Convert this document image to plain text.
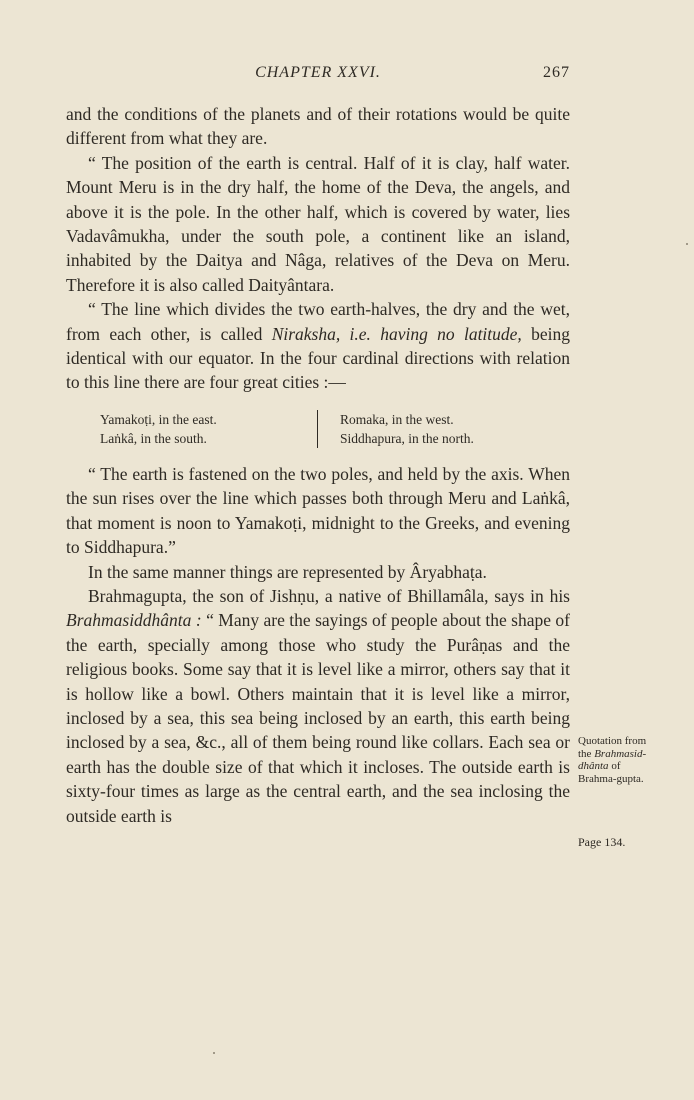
CHAPTER XXVI.	267

and the conditions of the planets and of their rotations would be quite different from what they are.

“ The position of the earth is central. Half of it is clay, half water. Mount Meru is in the dry half, the home of the Deva, the angels, and above it is the pole. In the other half, which is covered by water, lies Vadavâmukha, under the south pole, a continent like an island, inhabited by the Daitya and Nâga, relatives of the Deva on Meru. Therefore it is also called Daityântara.

“ The line which divides the two earth-halves, the dry and the wet, from each other, is called Niraksha, i.e. having no latitude, being identical with our equator. In the four cardinal directions with relation to this line there are four great cities :—

Yamakoṭi, in the east.
Laṅkâ, in the south.
Romaka, in the west.
Siddhapura, in the north.

“ The earth is fastened on the two poles, and held by the axis. When the sun rises over the line which passes both through Meru and Laṅkâ, that moment is noon to Yamakoṭi, midnight to the Greeks, and evening to Siddhapura.”

In the same manner things are represented by Âryabhaṭa.

Brahmagupta, the son of Jishṇu, a native of Bhillamâla, says in his Brahmasiddhânta : “ Many are the sayings of people about the shape of the earth, specially among those who study the Purâṇas and the religious books. Some say that it is level like a mirror, others say that it is hollow like a bowl. Others maintain that it is level like a mirror, inclosed by a sea, this sea being inclosed by an earth, this earth being inclosed by a sea, &c., all of them being round like collars. Each sea or earth has the double size of that which it incloses. The outside earth is sixty-four times as large as the central earth, and the sea inclosing the outside earth is

Quotation from the Brahmasid-dhânta of Brahma-gupta.
Page 134.
